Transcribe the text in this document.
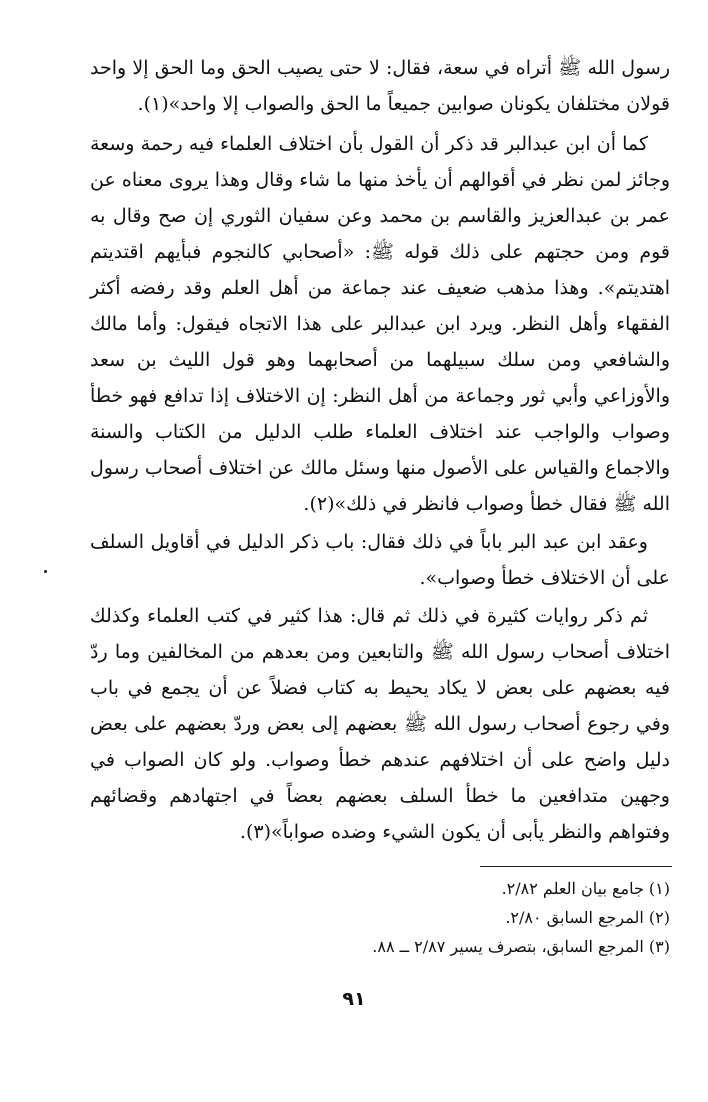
رسول الله ﷺ أتراه في سعة، فقال: لا حتى يصيب الحق وما الحق إلا واحد قولان مختلفان يكونان صوابين جميعاً ما الحق والصواب إلا واحد»(١).

كما أن ابن عبدالبر قد ذكر أن القول بأن اختلاف العلماء فيه رحمة وسعة وجائز لمن نظر في أقوالهم أن يأخذ منها ما شاء وقال وهذا يروى معناه عن عمر بن عبدالعزيز والقاسم بن محمد وعن سفيان الثوري إن صح وقال به قوم ومن حجتهم على ذلك قوله ﷺ: «أصحابي كالنجوم فبأيهم اقتديتم اهتديتم». وهذا مذهب ضعيف عند جماعة من أهل العلم وقد رفضه أكثر الفقهاء وأهل النظر. ويرد ابن عبدالبر على هذا الاتجاه فيقول: وأما مالك والشافعي ومن سلك سبيلهما من أصحابهما وهو قول الليث بن سعد والأوزاعي وأبي ثور وجماعة من أهل النظر: إن الاختلاف إذا تدافع فهو خطأ وصواب والواجب عند اختلاف العلماء طلب الدليل من الكتاب والسنة والاجماع والقياس على الأصول منها وسئل مالك عن اختلاف أصحاب رسول الله ﷺ فقال خطأ وصواب فانظر في ذلك»(٢).

وعقد ابن عبد البر باباً في ذلك فقال: باب ذكر الدليل في أقاويل السلف على أن الاختلاف خطأ وصواب».

ثم ذكر روايات كثيرة في ذلك ثم قال: هذا كثير في كتب العلماء وكذلك اختلاف أصحاب رسول الله ﷺ والتابعين ومن بعدهم من المخالفين وما ردّ فيه بعضهم على بعض لا يكاد يحيط به كتاب فضلاً عن أن يجمع في باب وفي رجوع أصحاب رسول الله ﷺ بعضهم إلى بعض وردّ بعضهم على بعض دليل واضح على أن اختلافهم عندهم خطأ وصواب. ولو كان الصواب في وجهين متدافعين ما خطأ السلف بعضهم بعضاً في اجتهادهم وقضائهم وفتواهم والنظر يأبى أن يكون الشيء وضده صواباً»(٣).

(١) جامع بيان العلم ٢/٨٢.
(٢) المرجع السابق ٢/٨٠.
(٣) المرجع السابق، بتصرف يسير ٢/٨٧ ــ ٨٨.
٩١
